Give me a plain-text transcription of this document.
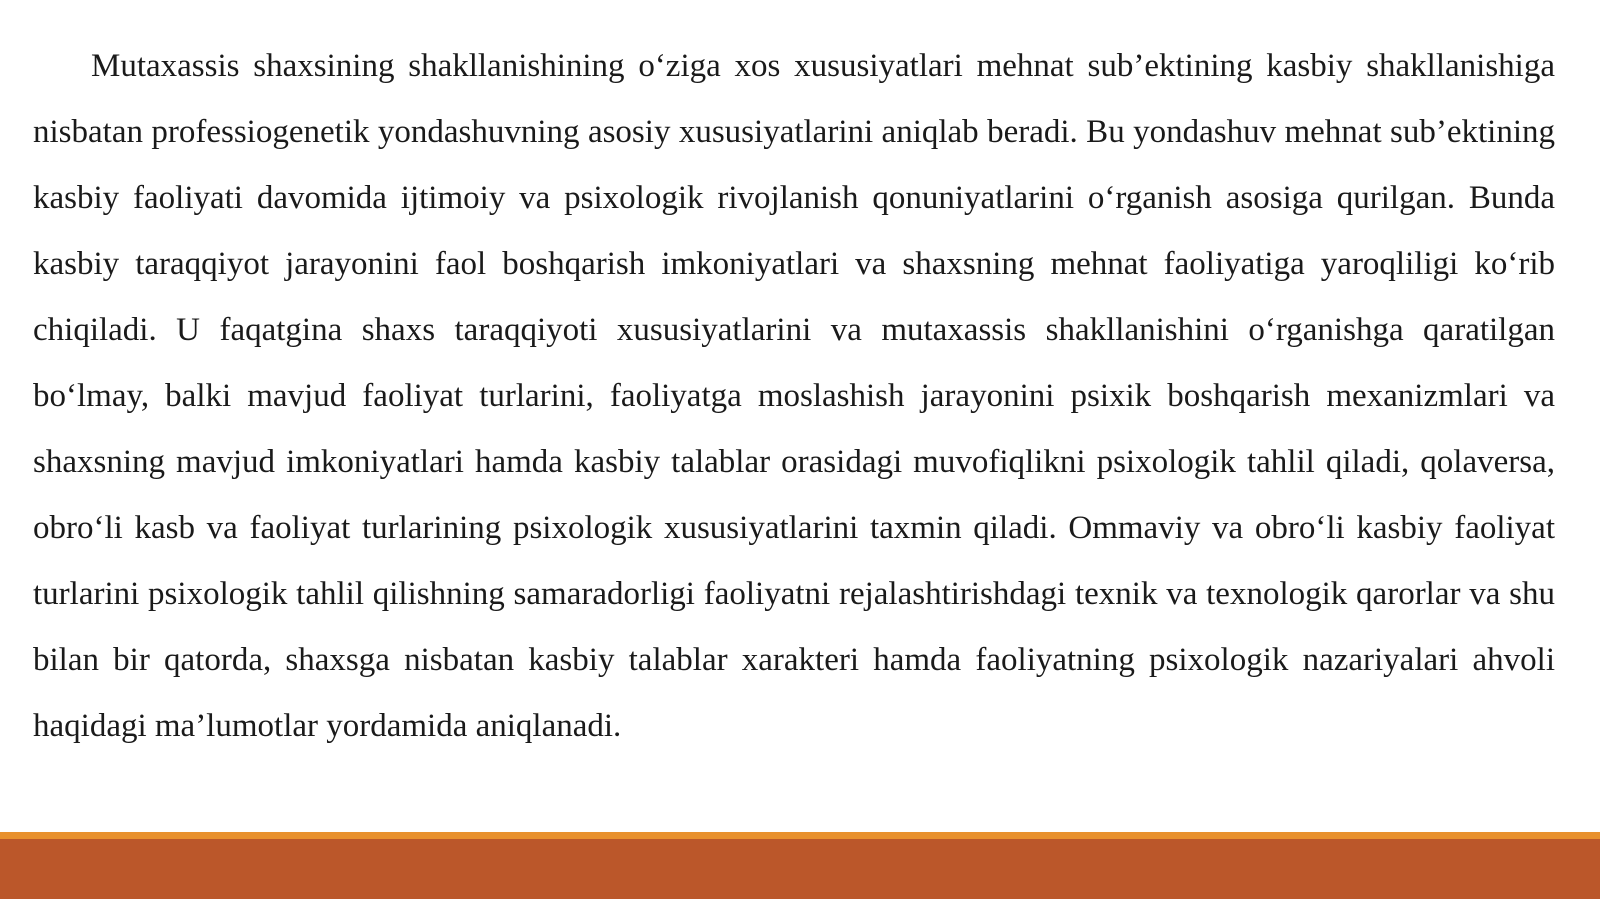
Mutaxassis shaxsining shakllanishining o‘ziga xos xususiyatlari mehnat sub’ektining kasbiy shakllanishiga nisbatan professiogenetik yondashuvning asosiy xususiyatlarini aniqlab beradi. Bu yondashuv mehnat sub’ektining kasbiy faoliyati davomida ijtimoiy va psixologik rivojlanish qonuniyatlarini o‘rganish asosiga qurilgan. Bunda kasbiy taraqqiyot jarayonini faol boshqarish imkoniyatlari va shaxsning mehnat faoliyatiga yaroqliligi ko‘rib chiqiladi. U faqatgina shaxs taraqqiyoti xususiyatlarini va mutaxassis shakllanishini o‘rganishga qaratilgan bo‘lmay, balki mavjud faoliyat turlarini, faoliyatga moslashish jarayonini psixik boshqarish mexanizmlari va shaxsning mavjud imkoniyatlari hamda kasbiy talablar orasidagi muvofiqlikni psixologik tahlil qiladi, qolaversa, obro‘li kasb va faoliyat turlarining psixologik xususiyatlarini taxmin qiladi. Ommaviy va obro‘li kasbiy faoliyat turlarini psixologik tahlil qilishning samaradorligi faoliyatni rejalashtirishdagi texnik va texnologik qarorlar va shu bilan bir qatorda, shaxsga nisbatan kasbiy talablar xarakteri hamda faoliyatning psixologik nazariyalari ahvoli haqidagi ma’lumotlar yordamida aniqlanadi.
